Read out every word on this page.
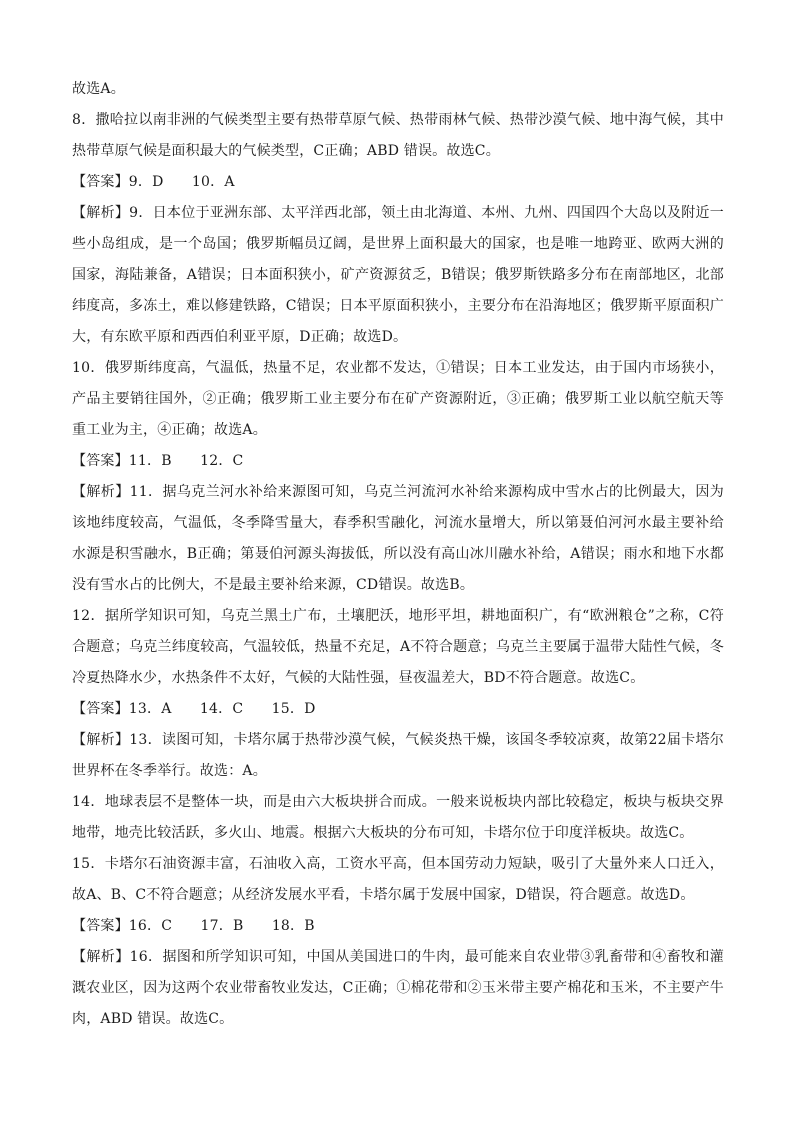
故选A。

8．撒哈拉以南非洲的气候类型主要有热带草原气候、热带雨林气候、热带沙漠气候、地中海气候，其中热带草原气候是面积最大的气候类型，C正确；ABD 错误。故选C。

【答案】9．D　　10．A

【解析】9．日本位于亚洲东部、太平洋西北部，领土由北海道、本州、九州、四国四个大岛以及附近一些小岛组成，是一个岛国；俄罗斯幅员辽阔，是世界上面积最大的国家，也是唯一地跨亚、欧两大洲的国家，海陆兼备，A错误；日本面积狭小，矿产资源贫乏，B错误；俄罗斯铁路多分布在南部地区，北部纬度高，多冻土，难以修建铁路，C错误；日本平原面积狭小，主要分布在沿海地区；俄罗斯平原面积广大，有东欧平原和西西伯利亚平原，D正确；故选D。

10．俄罗斯纬度高，气温低，热量不足，农业都不发达，①错误；日本工业发达，由于国内市场狭小，产品主要销往国外，②正确；俄罗斯工业主要分布在矿产资源附近，③正确；俄罗斯工业以航空航天等重工业为主，④正确；故选A。

【答案】11．B　　12．C

【解析】11．据乌克兰河水补给来源图可知，乌克兰河流河水补给来源构成中雪水占的比例最大，因为该地纬度较高，气温低，冬季降雪量大，春季积雪融化，河流水量增大，所以第聂伯河河水最主要补给水源是积雪融水，B正确；第聂伯河源头海拔低，所以没有高山冰川融水补给，A错误；雨水和地下水都没有雪水占的比例大，不是最主要补给来源，CD错误。故选B。

12．据所学知识可知，乌克兰黑土广布，土壤肥沃，地形平坦，耕地面积广，有“欧洲粮仓”之称，C符合题意；乌克兰纬度较高，气温较低，热量不充足，A不符合题意；乌克兰主要属于温带大陆性气候，冬冷夏热降水少，水热条件不太好，气候的大陆性强，昼夜温差大，BD不符合题意。故选C。

【答案】13．A　　14．C　　15．D

【解析】13．读图可知，卡塔尔属于热带沙漠气候，气候炎热干燥，该国冬季较凉爽，故第22届卡塔尔世界杯在冬季举行。故选：A。

14．地球表层不是整体一块，而是由六大板块拼合而成。一般来说板块内部比较稳定，板块与板块交界地带，地壳比较活跃，多火山、地震。根据六大板块的分布可知，卡塔尔位于印度洋板块。故选C。

15．卡塔尔石油资源丰富，石油收入高，工资水平高，但本国劳动力短缺，吸引了大量外来人口迁入，故A、B、C不符合题意；从经济发展水平看，卡塔尔属于发展中国家，D错误，符合题意。故选D。

【答案】16．C　　17．B　　18．B

【解析】16．据图和所学知识可知，中国从美国进口的牛肉，最可能来自农业带③乳畜带和④畜牧和灌溉农业区，因为这两个农业带畜牧业发达，C正确；①棉花带和②玉米带主要产棉花和玉米，不主要产牛肉，ABD 错误。故选C。
